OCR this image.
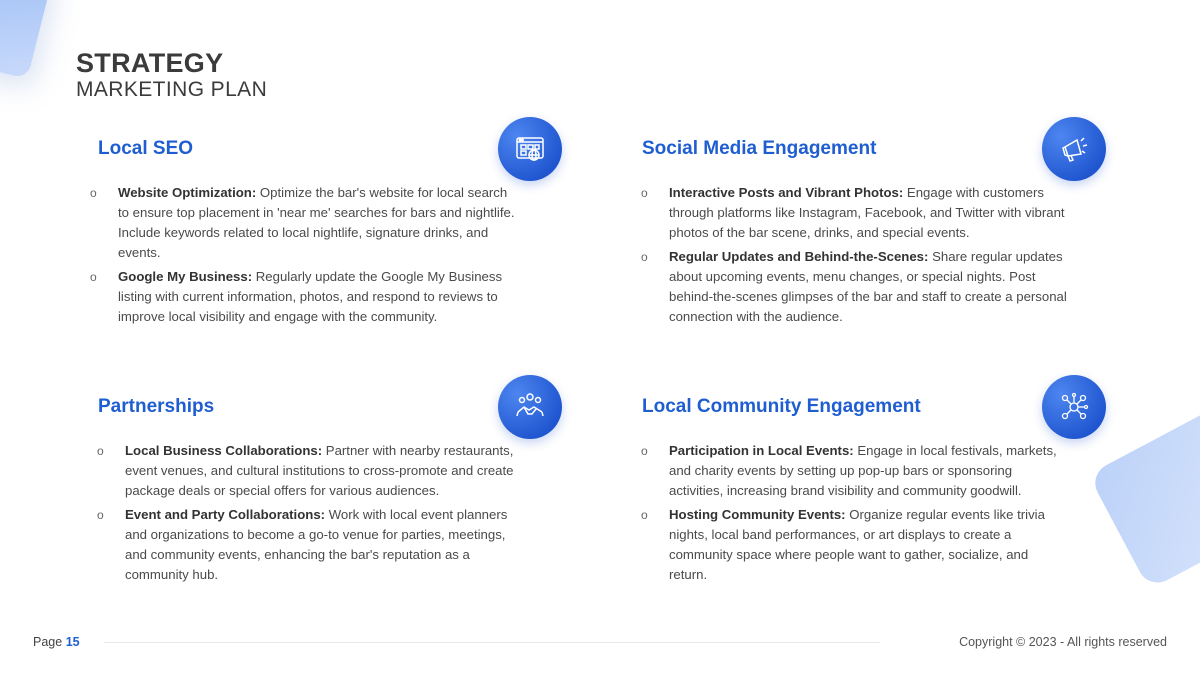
STRATEGY
MARKETING PLAN
Local SEO
o Website Optimization: Optimize the bar's website for local search to ensure top placement in 'near me' searches for bars and nightlife. Include keywords related to local nightlife, signature drinks, and events.
o Google My Business: Regularly update the Google My Business listing with current information, photos, and respond to reviews to improve local visibility and engage with the community.
Social Media Engagement
o Interactive Posts and Vibrant Photos: Engage with customers through platforms like Instagram, Facebook, and Twitter with vibrant photos of the bar scene, drinks, and special events.
o Regular Updates and Behind-the-Scenes: Share regular updates about upcoming events, menu changes, or special nights. Post behind-the-scenes glimpses of the bar and staff to create a personal connection with the audience.
Partnerships
o Local Business Collaborations: Partner with nearby restaurants, event venues, and cultural institutions to cross-promote and create package deals or special offers for various audiences.
o Event and Party Collaborations: Work with local event planners and organizations to become a go-to venue for parties, meetings, and community events, enhancing the bar's reputation as a community hub.
Local Community Engagement
o Participation in Local Events: Engage in local festivals, markets, and charity events by setting up pop-up bars or sponsoring activities, increasing brand visibility and community goodwill.
o Hosting Community Events: Organize regular events like trivia nights, local band performances, or art displays to create a community space where people want to gather, socialize, and return.
Page 15	Copyright © 2023 - All rights reserved
